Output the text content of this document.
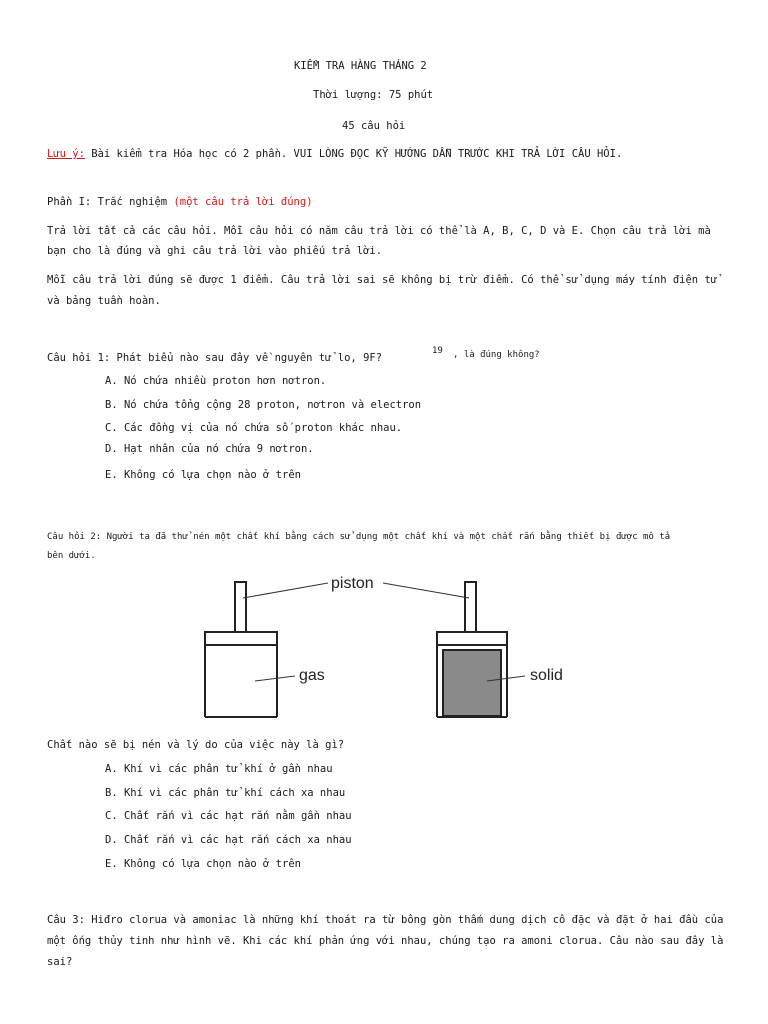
KIỂM TRA HÀNG THÁNG 2
Thời lượng: 75 phút
45 câu hỏi
Lưu ý: Bài kiểm tra Hóa học có 2 phần. VUI LÒNG ĐỌC KỸ HƯỚNG DẪN TRƯỚC KHI TRẢ LỜI CÂU HỎI.
Phần I: Trắc nghiệm (một câu trả lời đúng)
Trả lời tất cả các câu hỏi. Mỗi câu hỏi có năm câu trả lời có thể là A, B, C, D và E. Chọn câu trả lời mà
bạn cho là đúng và ghi câu trả lời vào phiếu trả lời.
Mỗi câu trả lời đúng sẽ được 1 điểm. Câu trả lời sai sẽ không bị trừ điểm. Có thể sử dụng máy tính điện tử
và bảng tuần hoàn.
Câu hỏi 1: Phát biểu nào sau đây về nguyên tử lo, 9F?
19 , là đúng không?
A. Nó chứa nhiều proton hơn nơtron.
B. Nó chứa tổng cộng 28 proton, nơtron và electron
C. Các đồng vị của nó chứa số proton khác nhau.
D. Hạt nhân của nó chứa 9 nơtron.
E. Không có lựa chọn nào ở trên
Câu hỏi 2: Người ta đã thử nén một chất khí bằng cách sử dụng một chất khí và một chất rắn bằng thiết bị được mô tả
bên dưới.
piston
gas	solid
Chất nào sẽ bị nén và lý do của việc này là gì?
A. Khí vì các phân tử khí ở gần nhau
B. Khí vì các phân tử khí cách xa nhau
C. Chất rắn vì các hạt rắn nằm gần nhau
D. Chất rắn vì các hạt rắn cách xa nhau
E. Không có lựa chọn nào ở trên
Câu 3: Hiđro clorua và amoniac là những khí thoát ra từ bông gòn thấm dung dịch cô đặc và đặt ở hai đầu của
một ống thủy tinh như hình vẽ. Khi các khí phản ứng với nhau, chúng tạo ra amoni clorua. Câu nào sau đây là
sai?
